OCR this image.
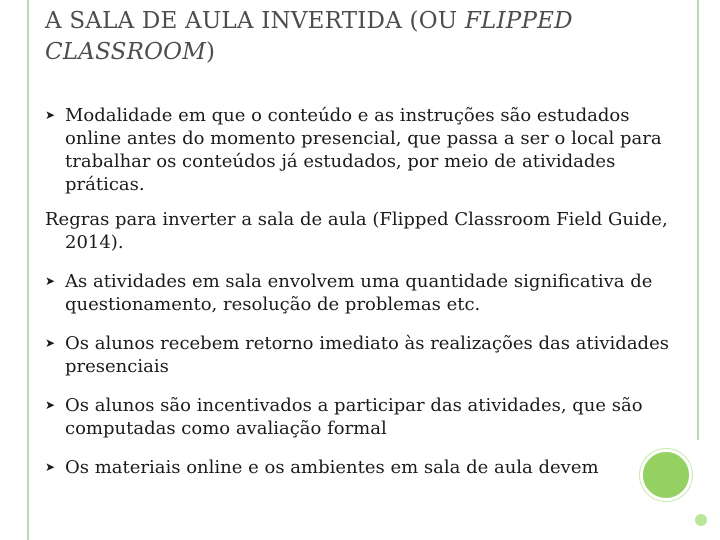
A SALA DE AULA INVERTIDA (OU FLIPPED
CLASSROOM)
➤ Modalidade em que o conteúdo e as instruções são estudados online antes do momento presencial, que passa a ser o local para trabalhar os conteúdos já estudados, por meio de atividades práticas.
Regras para inverter a sala de aula (Flipped Classroom Field Guide, 2014).
➤ As atividades em sala envolvem uma quantidade significativa de questionamento, resolução de problemas etc.
➤ Os alunos recebem retorno imediato às realizações das atividades presenciais
➤ Os alunos são incentivados a participar das atividades, que são computadas como avaliação formal
➤ Os materiais online e os ambientes em sala de aula devem
